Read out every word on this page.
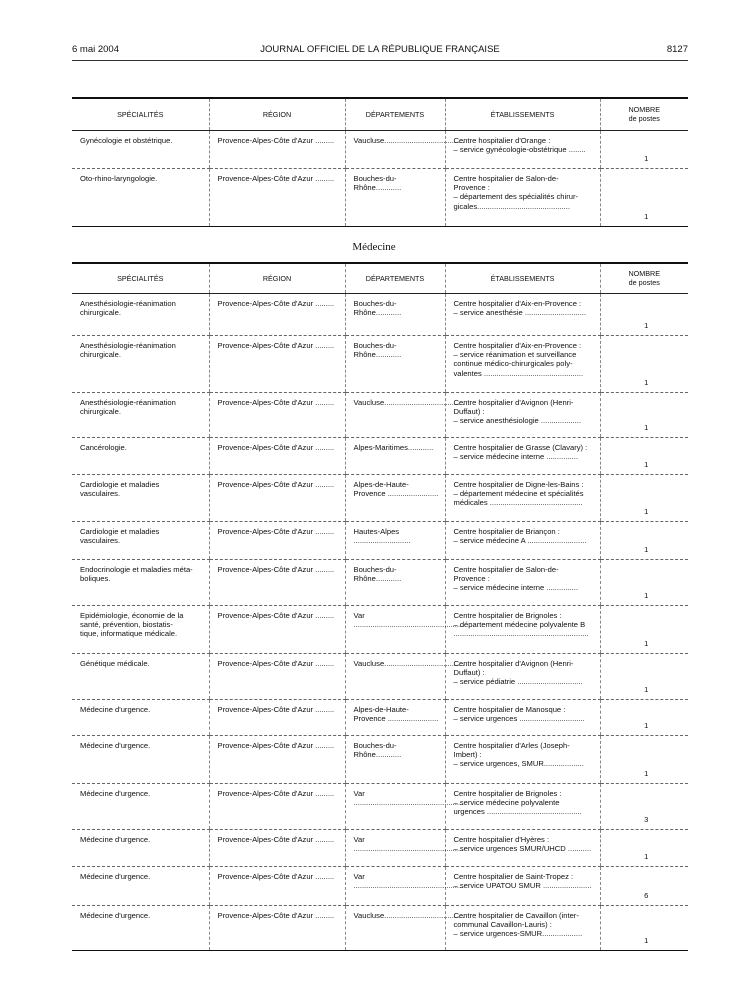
6 mai 2004	JOURNAL OFFICIEL DE LA RÉPUBLIQUE FRANÇAISE	8127
SPÉCIALITÉS	RÉGION	DÉPARTEMENTS	ÉTABLISSEMENTS	NOMBRE
de postes

Gynécologie et obstétrique.	Provence-Alpes-Côte d'Azur .........	Vaucluse......................................	Centre hospitalier d'Orange :
– service gynécologie-obstétrique ........	1

Oto-rhino-laryngologie.	Provence-Alpes-Côte d'Azur .........	Bouches-du-Rhône............	Centre hospitalier de Salon-de-
Provence :
– département des spécialités chirur-
gicales............................................	1
Médecine
SPÉCIALITÉS	RÉGION	DÉPARTEMENTS	ÉTABLISSEMENTS	NOMBRE
de postes

Anesthésiologie-réanimation
chirurgicale.	Provence-Alpes-Côte d'Azur .........	Bouches-du-Rhône............	Centre hospitalier d'Aix-en-Provence :
– service anesthésie .............................	1

Anesthésiologie-réanimation
chirurgicale.	Provence-Alpes-Côte d'Azur .........	Bouches-du-Rhône............	Centre hospitalier d'Aix-en-Provence :
– service réanimation et surveillance
continue médico-chirurgicales poly-
valentes ...............................................	1

Anesthésiologie-réanimation
chirurgicale.	Provence-Alpes-Côte d'Azur .........	Vaucluse......................................	Centre hospitalier d'Avignon (Henri-
Duffaut) :
– service anesthésiologie ...................	1

Cancérologie.	Provence-Alpes-Côte d'Azur .........	Alpes-Maritimes............	Centre hospitalier de Grasse (Clavary) :
– service médecine interne ...............	1

Cardiologie et maladies
vasculaires.	Provence-Alpes-Côte d'Azur .........	Alpes-de-Haute-
Provence ........................	Centre hospitalier de Digne-les-Bains :
– département médecine et spécialités
médicales ............................................	1

Cardiologie et maladies
vasculaires.	Provence-Alpes-Côte d'Azur .........	Hautes-Alpes ...........................	Centre hospitalier de Briançon :
– service médecine A ............................	1

Endocrinologie et maladies méta-
boliques.	Provence-Alpes-Côte d'Azur .........	Bouches-du-Rhône............	Centre hospitalier de Salon-de-
Provence :
– service médecine interne ...............	1

Epidémiologie, économie de la
santé, prévention, biostatis-
tique, informatique médicale.	Provence-Alpes-Côte d'Azur .........	Var ....................................................	Centre hospitalier de Brignoles :
– département médecine polyvalente B
................................................................	1

Génétique médicale.	Provence-Alpes-Côte d'Azur .........	Vaucluse......................................	Centre hospitalier d'Avignon (Henri-
Duffaut) :
– service pédiatrie ...............................	1

Médecine d'urgence.	Provence-Alpes-Côte d'Azur .........	Alpes-de-Haute-
Provence ........................	Centre hospitalier de Manosque :
– service urgences ...............................	1

Médecine d'urgence.	Provence-Alpes-Côte d'Azur .........	Bouches-du-Rhône............	Centre hospitalier d'Arles (Joseph-
Imbert) :
– service urgences, SMUR...................	1

Médecine d'urgence.	Provence-Alpes-Côte d'Azur .........	Var ....................................................	Centre hospitalier de Brignoles :
– service médecine polyvalente
urgences .............................................	3

Médecine d'urgence.	Provence-Alpes-Côte d'Azur .........	Var ....................................................	Centre hospitalier d'Hyères :
– service urgences SMUR/UHCD ...........	1

Médecine d'urgence.	Provence-Alpes-Côte d'Azur .........	Var ....................................................	Centre hospitalier de Saint-Tropez :
– service UPATOU SMUR .......................	6

Médecine d'urgence.	Provence-Alpes-Côte d'Azur .........	Vaucluse......................................	Centre hospitalier de Cavaillon (inter-
communal Cavaillon-Lauris) :
– service urgences-SMUR...................	1
